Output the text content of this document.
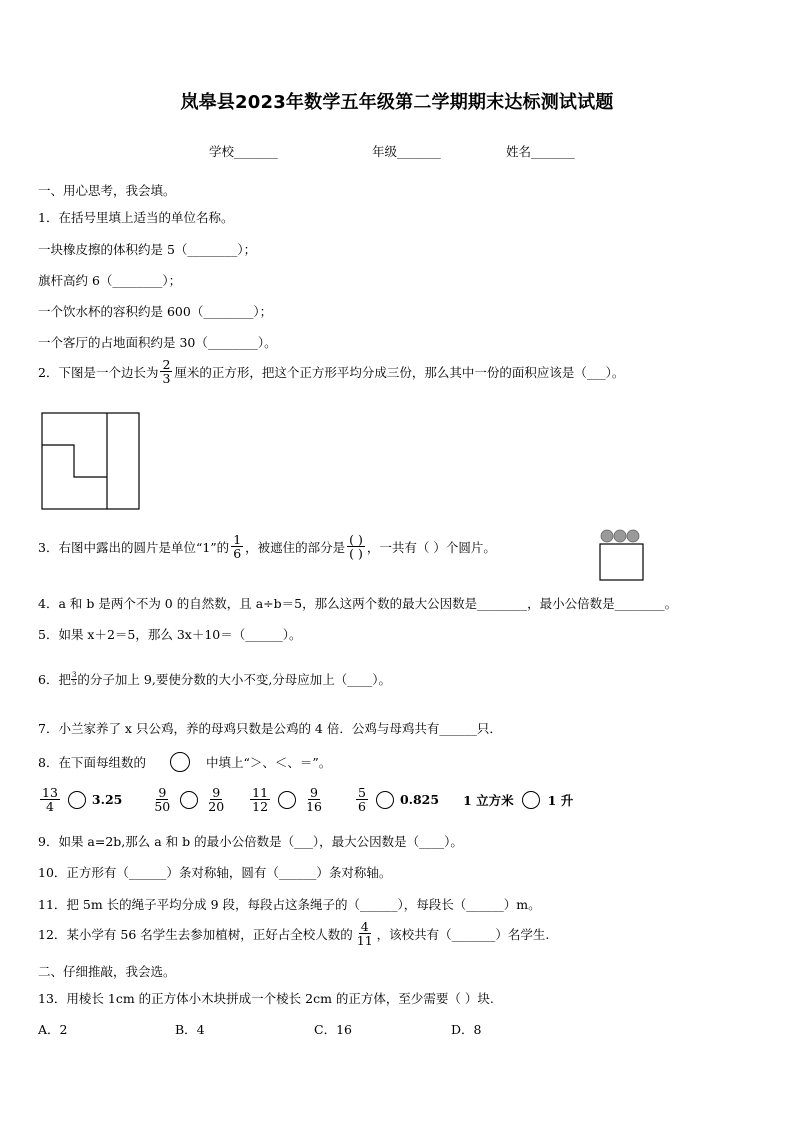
岚皋县2023年数学五年级第二学期期末达标测试试题
学校_______	年级_______	姓名_______
一、用心思考，我会填。
1．在括号里填上适当的单位名称。
一块橡皮擦的体积约是 5（________）；
旗杆高约 6（________）；
一个饮水杯的容积约是 600（________）；
一个客厅的占地面积约是 30（________）。
2．下图是一个边长为 $\frac{2}{3}$ 厘米的正方形，把这个正方形平均分成三份，那么其中一份的面积应该是（___）。
3．右图中露出的圆片是单位“1”的 $\frac{1}{6}$ ，被遮住的部分是 $\frac{( )}{( )}$ ，一共有（ ）个圆片。
4．a 和 b 是两个不为 0 的自然数，且 a÷b＝5，那么这两个数的最大公因数是________，最小公倍数是________。
5．如果 x＋2＝5，那么 3x＋10＝（______）。
6．把 $\frac{3}{5}$ 的分子加上 9,要使分数的大小不变,分母应加上（____）。
7．小兰家养了 x 只公鸡，养的母鸡只数是公鸡的 4 倍．公鸡与母鸡共有______只．
8．在下面每组数的	中填上“＞、＜、＝”。
$\frac{13}{4}$	$3.25 \frac{9}{50}$	$\frac{9}{20} \frac{11}{12}$	$\frac{9}{16}$	$\frac{5}{6}$	0.825 1 立方米	1 升
9．如果 a=2b,那么 a 和 b 的最小公倍数是（___），最大公因数是（____）。
10．正方形有（______）条对称轴，圆有（______）条对称轴。
11．把 5m 长的绳子平均分成 9 段，每段占这条绳子的（______），每段长（______）m。
12．某小学有 56 名学生去参加植树，正好占全校人数的 $\frac{4}{11}$ ，该校共有（_______）名学生.
二、仔细推敲，我会选。
13．用棱长 1cm 的正方体小木块拼成一个棱长 2cm 的正方体，至少需要（ ）块.
A．2	B．4	C．16	D．8
